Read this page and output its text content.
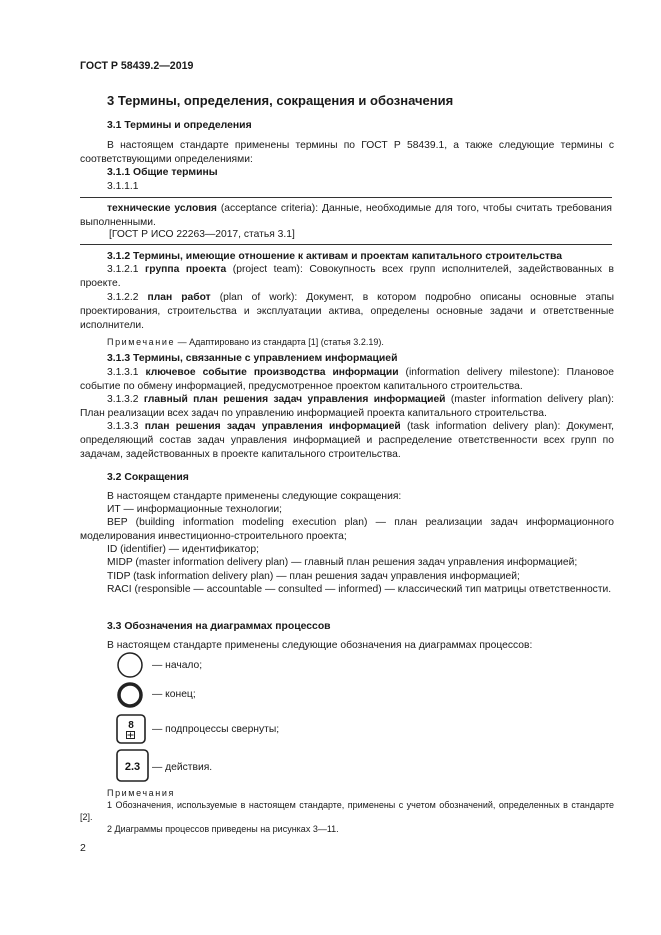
ГОСТ Р 58439.2—2019
3 Термины, определения, сокращения и обозначения
3.1 Термины и определения

В настоящем стандарте применены термины по ГОСТ Р 58439.1, а также следующие термины с соответствующими определениями:

3.1.1 Общие термины
3.1.1.1

технические условия (acceptance criteria): Данные, необходимые для того, чтобы считать требования выполненными.

[ГОСТ Р ИСО 22263—2017, статья 3.1]
3.1.2 Термины, имеющие отношение к активам и проектам капитального строительства

3.1.2.1 группа проекта (project team): Совокупность всех групп исполнителей, задействованных в проекте.

3.1.2.2 план работ (plan of work): Документ, в котором подробно описаны основные этапы проектирования, строительства и эксплуатации актива, определены основные задачи и ответственные исполнители.

Примечание — Адаптировано из стандарта [1] (статья 3.2.19).

3.1.3 Термины, связанные с управлением информацией

3.1.3.1 ключевое событие производства информации (information delivery milestone): Плановое событие по обмену информацией, предусмотренное проектом капитального строительства.

3.1.3.2 главный план решения задач управления информацией (master information delivery plan): План реализации всех задач по управлению информацией проекта капитального строительства.

3.1.3.3 план решения задач управления информацией (task information delivery plan): Документ, определяющий состав задач управления информацией и распределение ответственности всех групп по задачам, задействованных в проекте капитального строительства.

3.2 Сокращения

В настоящем стандарте применены следующие сокращения:

ИТ — информационные технологии;

BEP (building information modeling execution plan) — план реализации задач информационного моделирования инвестиционно-строительного проекта;

ID (identifier) — идентификатор;

MIDP (master information delivery plan) — главный план решения задач управления информацией;

TIDP (task information delivery plan) — план решения задач управления информацией;

RACI (responsible — accountable — consulted — informed) — классический тип матрицы ответственности.

3.3 Обозначения на диаграммах процессов

В настоящем стандарте применены следующие обозначения на диаграммах процессов:

— начало;
— конец;
8 — подпроцессы свернуты;
2.3 — действия.
Примечания

1 Обозначения, используемые в настоящем стандарте, применены с учетом обозначений, определенных в стандарте [2].

2 Диаграммы процессов приведены на рисунках 3—11.

2
